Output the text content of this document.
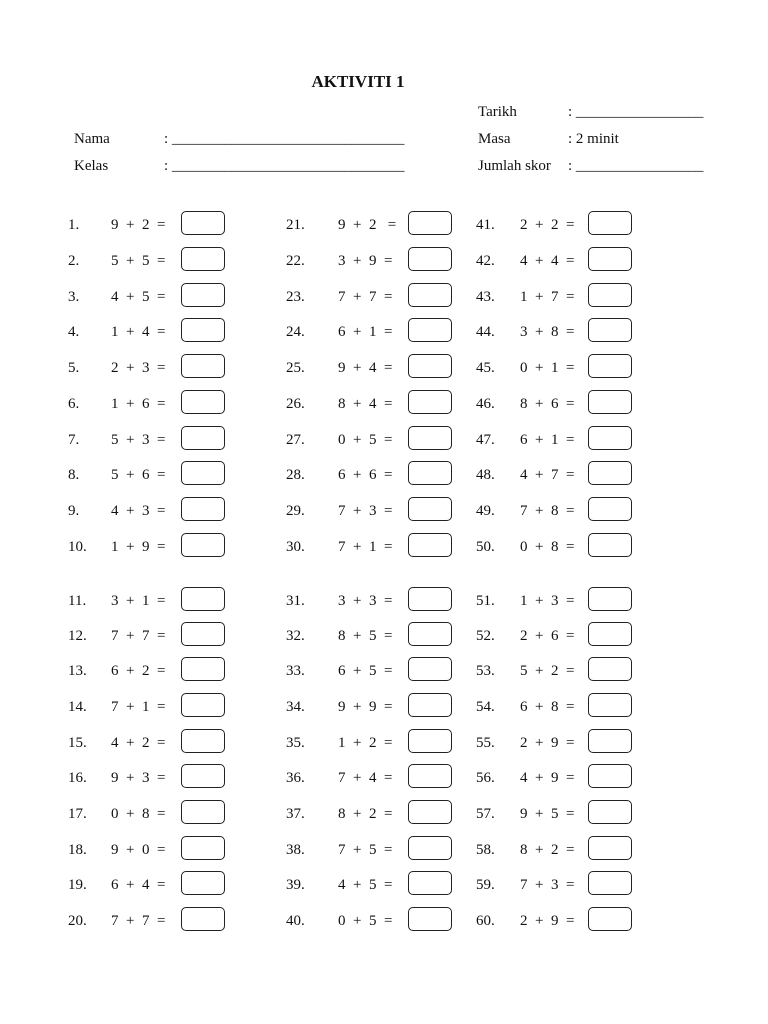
AKTIVITI 1
Tarikh	: _________________
Nama	: _______________________________	Masa	: 2 minit
Kelas	: _______________________________	Jumlah skor : _________________
1. 9  +  2  =
2. 5  +  5  =
3. 4  +  5  =
4. 1  +  4  =
5. 2  +  3  =
6. 1  +  6  =
7. 5  +  3  =
8. 5  +  6  =
9. 4  +  3  =
10. 1  +  9  =
11. 3  +  1  =
12. 7  +  7  =
13. 6  +  2  =
14. 7  +  1  =
15. 4  +  2  =
16. 9  +  3  =
17. 0  +  8  =
18. 9  +  0  =
19. 6  +  4  =
20. 7  +  7  =
21. 9  +  2   =
22. 3  +  9  =
23. 7  +  7  =
24. 6  +  1  =
25. 9  +  4  =
26. 8  +  4  =
27. 0  +  5  =
28. 6  +  6  =
29. 7  +  3  =
30. 7  +  1  =
31. 3  +  3  =
32. 8  +  5  =
33. 6  +  5  =
34. 9  +  9  =
35. 1  +  2  =
36. 7  +  4  =
37. 8  +  2  =
38. 7  +  5  =
39. 4  +  5  =
40. 0  +  5  =
41. 2  +  2  =
42. 4  +  4  =
43. 1  +  7  =
44. 3  +  8  =
45. 0  +  1  =
46. 8  +  6  =
47. 6  +  1  =
48. 4  +  7  =
49. 7  +  8  =
50. 0  +  8  =
51. 1  +  3  =
52. 2  +  6  =
53. 5  +  2  =
54. 6  +  8  =
55. 2  +  9  =
56. 4  +  9  =
57. 9  +  5  =
58. 8  +  2  =
59. 7  +  3  =
60. 2  +  9  =
